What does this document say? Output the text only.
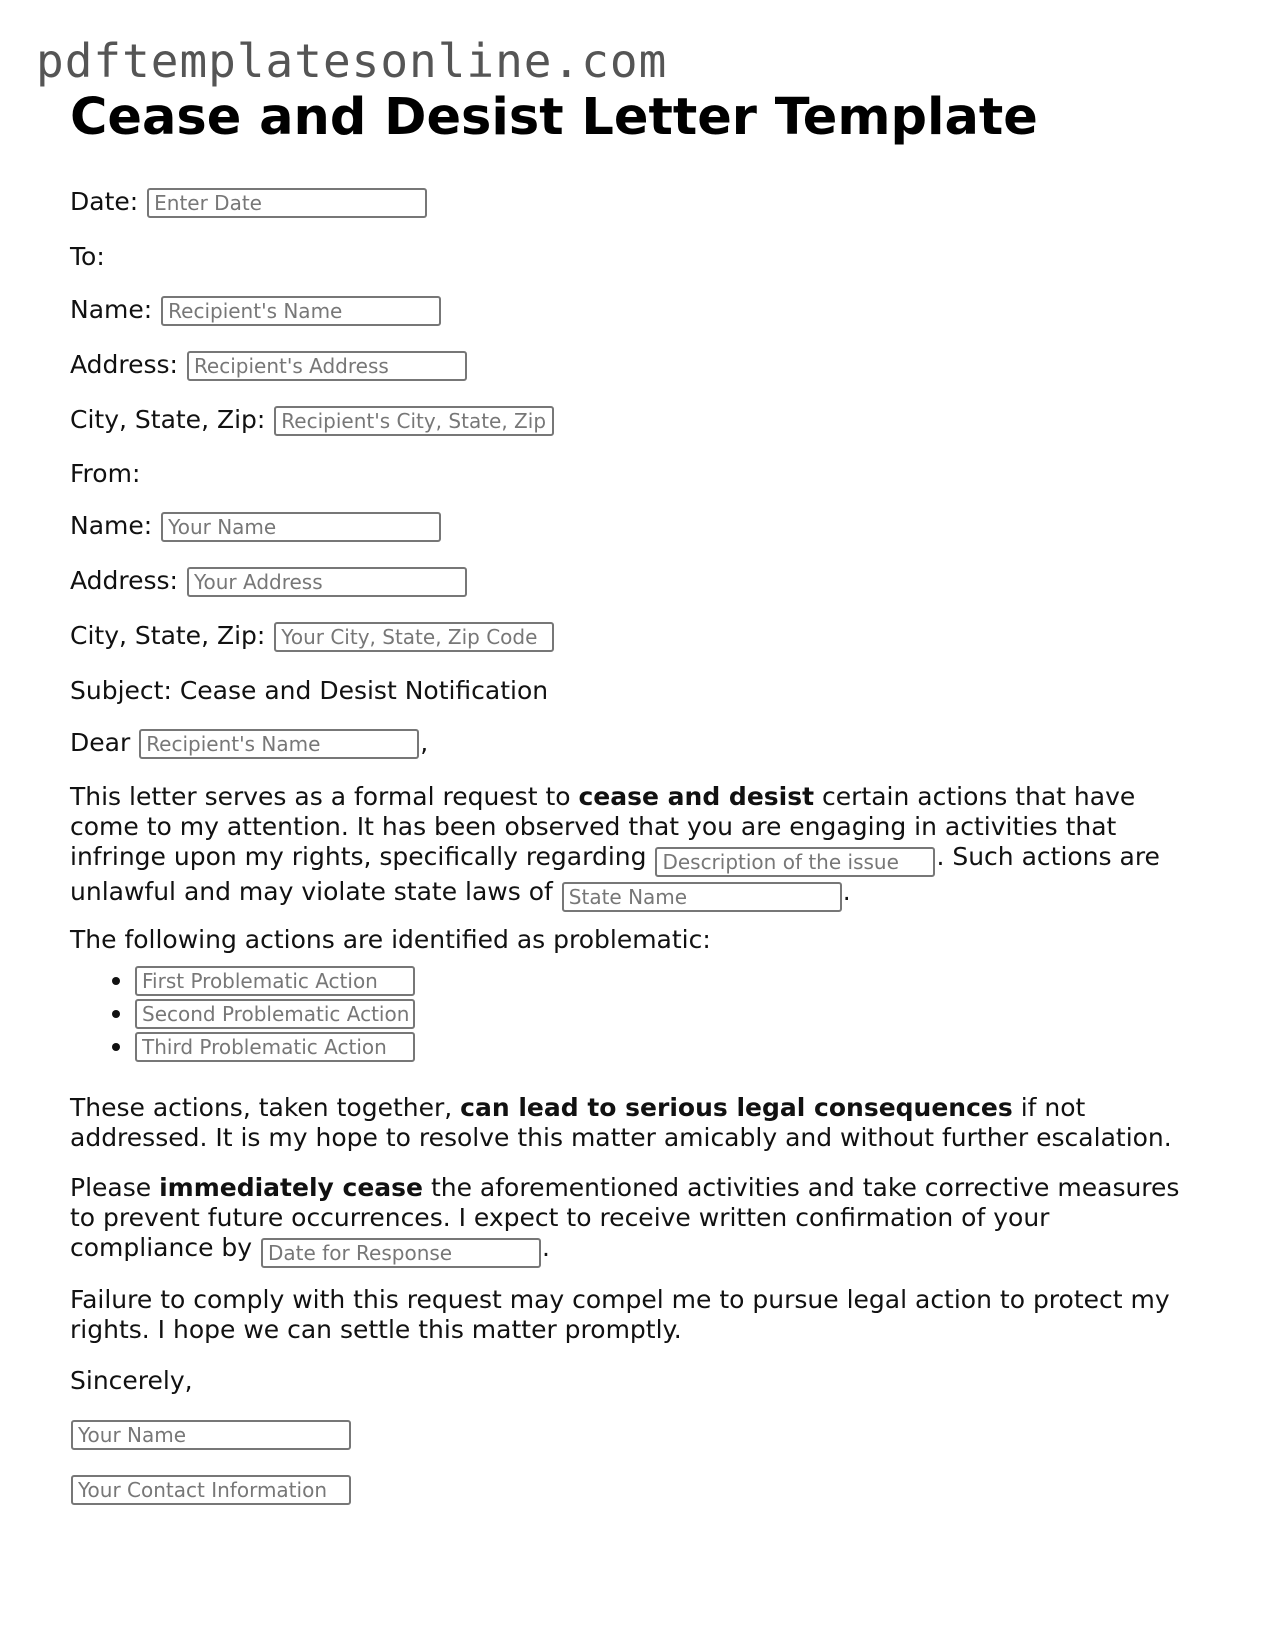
pdftemplatesonline.com
Cease and Desist Letter Template
Date: Enter Date
To:
Name: Recipient's Name
Address: Recipient's Address
City, State, Zip: Recipient's City, State, Zip
From:
Name: Your Name
Address: Your Address
City, State, Zip: Your City, State, Zip Code
Subject: Cease and Desist Notification
Dear Recipient's Name	,
This letter serves as a formal request to cease and desist certain actions that have come to my attention. It has been observed that you are engaging in activities that infringe upon my rights, specifically regarding Description of the issue	. Such actions are unlawful and may violate state laws of State Name	.
The following actions are identified as problematic:
• First Problematic Action
• Second Problematic Action
• Third Problematic Action
These actions, taken together, can lead to serious legal consequences if not addressed. It is my hope to resolve this matter amicably and without further escalation.
Please immediately cease the aforementioned activities and take corrective measures to prevent future occurrences. I expect to receive written confirmation of your compliance by Date for Response	.
Failure to comply with this request may compel me to pursue legal action to protect my rights. I hope we can settle this matter promptly.
Sincerely,
Your Name
Your Contact Information
